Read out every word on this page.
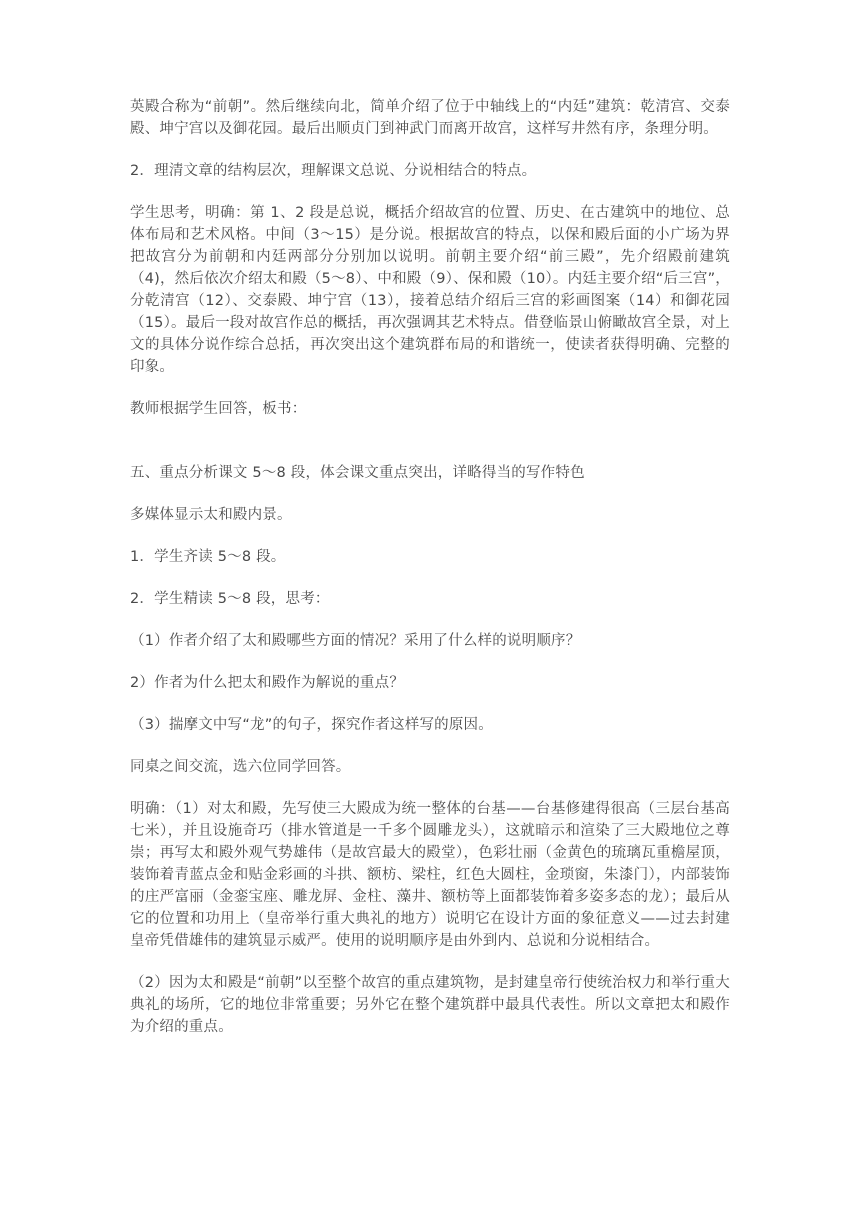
英殿合称为“前朝”。然后继续向北，简单介绍了位于中轴线上的“内廷”建筑：乾清宫、交泰殿、坤宁宫以及御花园。最后出顺贞门到神武门而离开故宫，这样写井然有序，条理分明。

2．理清文章的结构层次，理解课文总说、分说相结合的特点。

学生思考，明确：第 1、2 段是总说，概括介绍故宫的位置、历史、在古建筑中的地位、总体布局和艺术风格。中间（3～15）是分说。根据故宫的特点，以保和殿后面的小广场为界把故宫分为前朝和内廷两部分分别加以说明。前朝主要介绍“前三殿”，先介绍殿前建筑（4)，然后依次介绍太和殿（5～8）、中和殿（9）、保和殿（10）。内廷主要介绍“后三宫”，分乾清宫（12）、交泰殿、坤宁宫（13），接着总结介绍后三宫的彩画图案（14）和御花园（15）。最后一段对故宫作总的概括，再次强调其艺术特点。借登临景山俯瞰故宫全景，对上文的具体分说作综合总括，再次突出这个建筑群布局的和谐统一，使读者获得明确、完整的印象。

教师根据学生回答，板书：

五、重点分析课文 5～8 段，体会课文重点突出，详略得当的写作特色

多媒体显示太和殿内景。

1．学生齐读 5～8 段。

2．学生精读 5～8 段，思考：

（1）作者介绍了太和殿哪些方面的情况？采用了什么样的说明顺序？

2）作者为什么把太和殿作为解说的重点？

（3）揣摩文中写“龙”的句子，探究作者这样写的原因。

同桌之间交流，选六位同学回答。

明确：（1）对太和殿，先写使三大殿成为统一整体的台基——台基修建得很高（三层台基高七米），并且设施奇巧（排水管道是一千多个圆雕龙头），这就暗示和渲染了三大殿地位之尊崇；再写太和殿外观气势雄伟（是故宫最大的殿堂），色彩壮丽（金黄色的琉璃瓦重檐屋顶，装饰着青蓝点金和贴金彩画的斗拱、额枋、梁柱，红色大圆柱，金琐窗，朱漆门），内部装饰的庄严富丽（金銮宝座、雕龙屏、金柱、藻井、额枋等上面都装饰着多姿多态的龙）；最后从它的位置和功用上（皇帝举行重大典礼的地方）说明它在设计方面的象征意义——过去封建皇帝凭借雄伟的建筑显示威严。使用的说明顺序是由外到内、总说和分说相结合。

（2）因为太和殿是“前朝”以至整个故宫的重点建筑物，是封建皇帝行使统治权力和举行重大典礼的场所，它的地位非常重要；另外它在整个建筑群中最具代表性。所以文章把太和殿作为介绍的重点。
